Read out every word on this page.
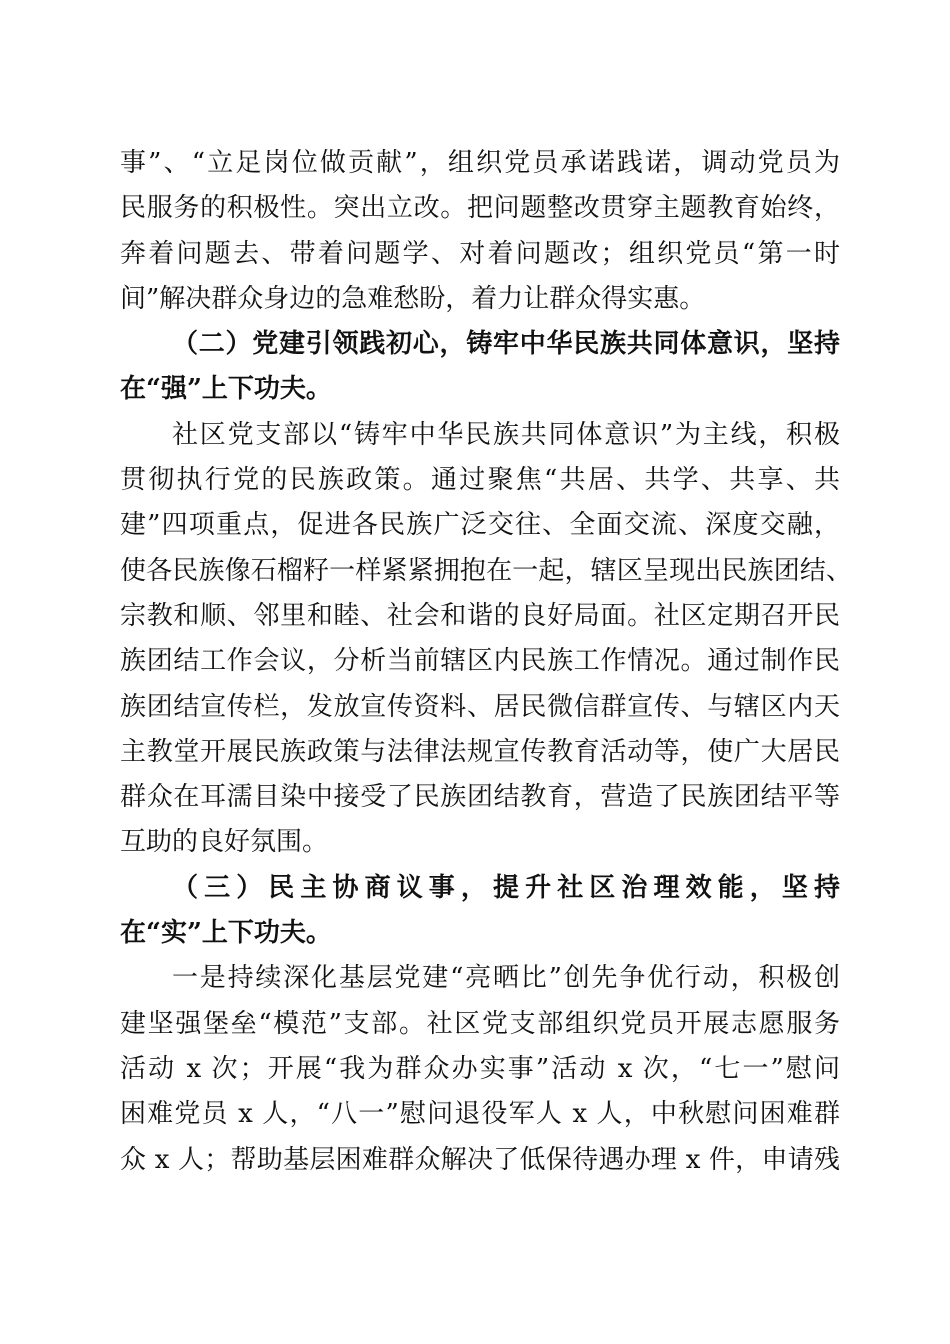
事”、“立足岗位做贡献”，组织党员承诺践诺，调动党员为
民服务的积极性。突出立改。把问题整改贯穿主题教育始终，
奔着问题去、带着问题学、对着问题改；组织党员“第一时
间”解决群众身边的急难愁盼，着力让群众得实惠。
（二）党建引领践初心，铸牢中华民族共同体意识，坚持
在“强”上下功夫。
社区党支部以“铸牢中华民族共同体意识”为主线，积极
贯彻执行党的民族政策。通过聚焦“共居、共学、共享、共
建”四项重点，促进各民族广泛交往、全面交流、深度交融，
使各民族像石榴籽一样紧紧拥抱在一起，辖区呈现出民族团结、
宗教和顺、邻里和睦、社会和谐的良好局面。社区定期召开民
族团结工作会议，分析当前辖区内民族工作情况。通过制作民
族团结宣传栏，发放宣传资料、居民微信群宣传、与辖区内天
主教堂开展民族政策与法律法规宣传教育活动等，使广大居民
群众在耳濡目染中接受了民族团结教育，营造了民族团结平等
互助的良好氛围。
（三）民主协商议事，提升社区治理效能，坚持
在“实”上下功夫。
一是持续深化基层党建“亮晒比”创先争优行动，积极创
建坚强堡垒“模范”支部。社区党支部组织党员开展志愿服务
活动 x 次；开展“我为群众办实事”活动 x 次，“七一”慰问
困难党员 x 人，“八一”慰问退役军人 x 人，中秋慰问困难群
众 x 人；帮助基层困难群众解决了低保待遇办理 x 件，申请残
